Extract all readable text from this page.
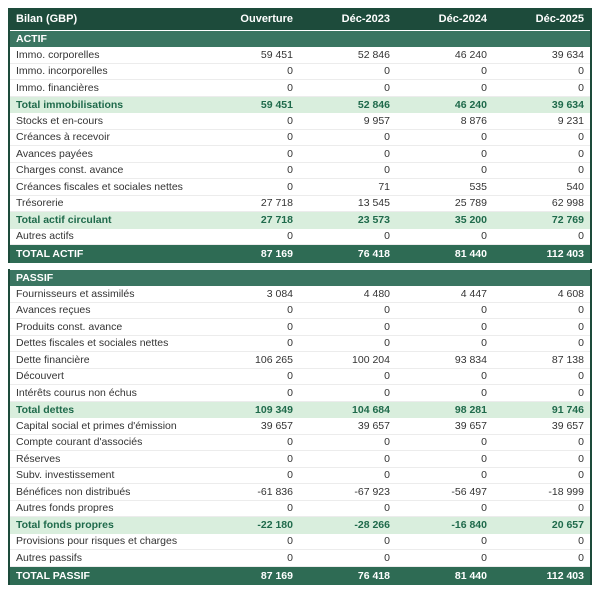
Bilan (GBP)	Ouverture	Déc-2023	Déc-2024	Déc-2025
ACTIF
Immo. corporelles	59 451	52 846	46 240	39 634
Immo. incorporelles	0	0	0	0
Immo. financières	0	0	0	0
Total immobilisations	59 451	52 846	46 240	39 634
Stocks et en-cours	0	9 957	8 876	9 231
Créances à recevoir	0	0	0	0
Avances payées	0	0	0	0
Charges const. avance	0	0	0	0
Créances fiscales et sociales nettes	0	71	535	540
Trésorerie	27 718	13 545	25 789	62 998
Total actif circulant	27 718	23 573	35 200	72 769
Autres actifs	0	0	0	0
TOTAL ACTIF	87 169	76 418	81 440	112 403
PASSIF
Fournisseurs et assimilés	3 084	4 480	4 447	4 608
Avances reçues	0	0	0	0
Produits const. avance	0	0	0	0
Dettes fiscales et sociales nettes	0	0	0	0
Dette financière	106 265	100 204	93 834	87 138
Découvert	0	0	0	0
Intérêts courus non échus	0	0	0	0
Total dettes	109 349	104 684	98 281	91 746
Capital social et primes d'émission	39 657	39 657	39 657	39 657
Compte courant d'associés	0	0	0	0
Réserves	0	0	0	0
Subv. investissement	0	0	0	0
Bénéfices non distribués	-61 836	-67 923	-56 497	-18 999
Autres fonds propres	0	0	0	0
Total fonds propres	-22 180	-28 266	-16 840	20 657
Provisions pour risques et charges	0	0	0	0
Autres passifs	0	0	0	0
TOTAL PASSIF	87 169	76 418	81 440	112 403
